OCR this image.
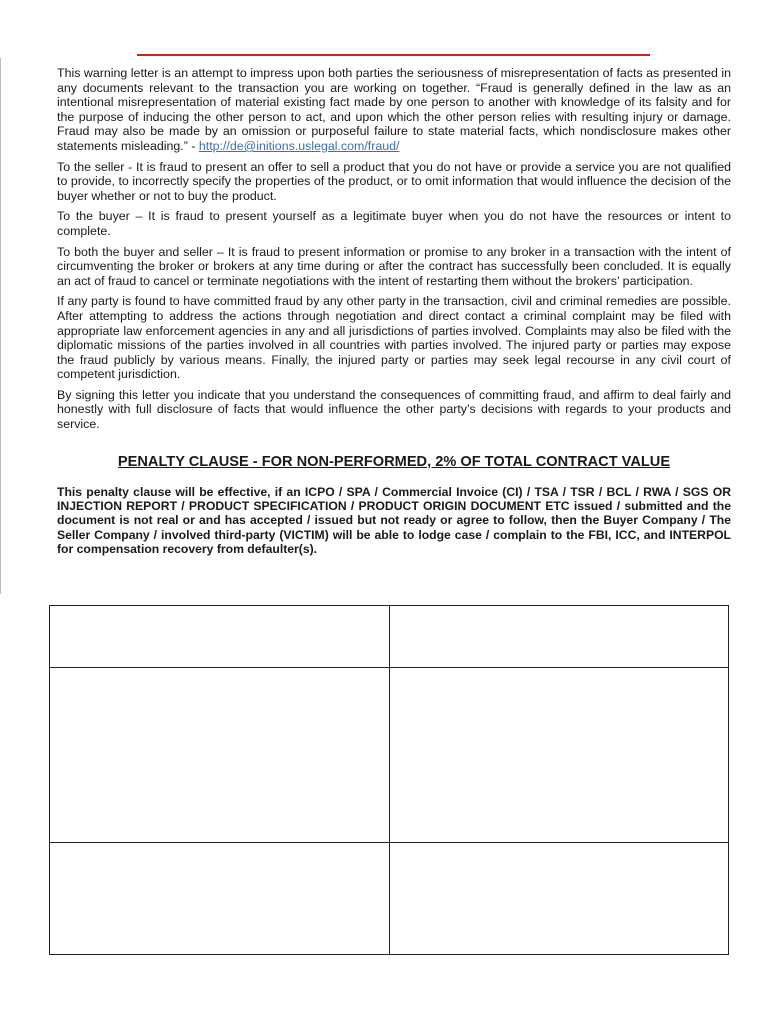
This warning letter is an attempt to impress upon both parties the seriousness of misrepresentation of facts as presented in any documents relevant to the transaction you are working on together. “Fraud is generally defined in the law as an intentional misrepresentation of material existing fact made by one person to another with knowledge of its falsity and for the purpose of inducing the other person to act, and upon which the other person relies with resulting injury or damage. Fraud may also be made by an omission or purposeful failure to state material facts, which nondisclosure makes other statements misleading.” - http://de@initions.uslegal.com/fraud/

To the seller - It is fraud to present an offer to sell a product that you do not have or provide a service you are not qualified to provide, to incorrectly specify the properties of the product, or to omit information that would influence the decision of the buyer whether or not to buy the product.

To the buyer – It is fraud to present yourself as a legitimate buyer when you do not have the resources or intent to complete.

To both the buyer and seller – It is fraud to present information or promise to any broker in a transaction with the intent of circumventing the broker or brokers at any time during or after the contract has successfully been concluded. It is equally an act of fraud to cancel or terminate negotiations with the intent of restarting them without the brokers’ participation.

If any party is found to have committed fraud by any other party in the transaction, civil and criminal remedies are possible. After attempting to address the actions through negotiation and direct contact a criminal complaint may be filed with appropriate law enforcement agencies in any and all jurisdictions of parties involved. Complaints may also be filed with the diplomatic missions of the parties involved in all countries with parties involved. The injured party or parties may expose the fraud publicly by various means. Finally, the injured party or parties may seek legal recourse in any civil court of competent jurisdiction.

By signing this letter you indicate that you understand the consequences of committing fraud, and affirm to deal fairly and honestly with full disclosure of facts that would influence the other party’s decisions with regards to your products and service.

PENALTY CLAUSE - FOR NON-PERFORMED, 2% OF TOTAL CONTRACT VALUE

This penalty clause will be effective, if an ICPO / SPA / Commercial Invoice (CI) / TSA / TSR / BCL / RWA / SGS OR INJECTION REPORT / PRODUCT SPECIFICATION / PRODUCT ORIGIN DOCUMENT ETC issued / submitted and the document is not real or and has accepted / issued but not ready or agree to follow, then the Buyer Company / The Seller Company / involved third-party (VICTIM) will be able to lodge case / complain to the FBI, ICC, and INTERPOL for compensation recovery from defaulter(s).
